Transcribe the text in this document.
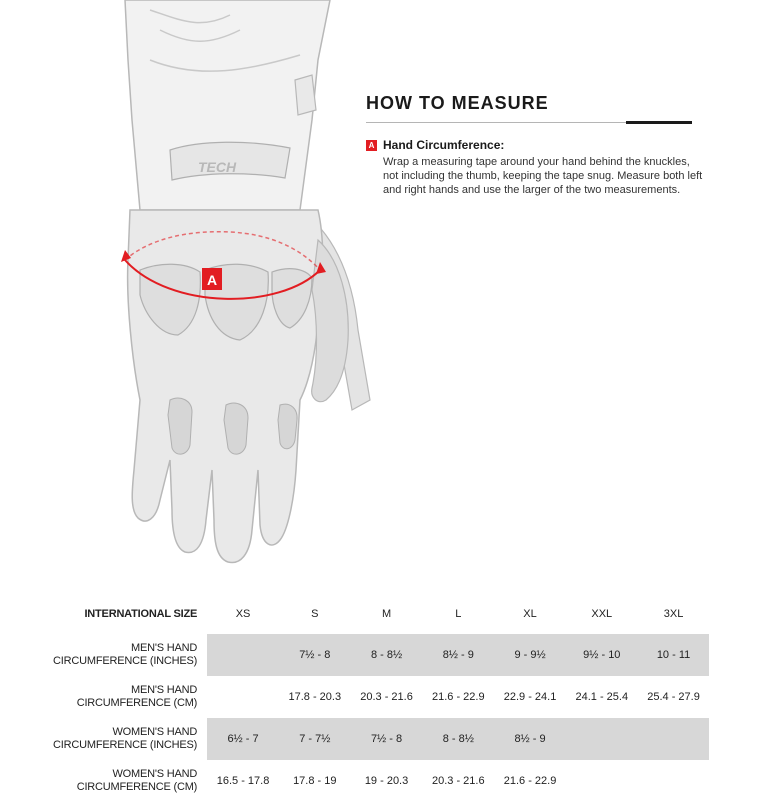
TECH
A
HOW TO MEASURE
A Hand Circumference:
Wrap a measuring tape around your hand behind the knuckles, not including the thumb, keeping the tape snug. Measure both left and right hands and use the larger of the two measurements.
INTERNATIONAL SIZE	XS	S	M	L	XL	XXL	3XL	
MEN'S HAND
CIRCUMFERENCE (INCHES)		7½ - 8	8 - 8½	8½ - 9	9 - 9½	9½ - 10	10 - 11	
MEN'S HAND
CIRCUMFERENCE (CM)		17.8 - 20.3	20.3 - 21.6	21.6 - 22.9	22.9 - 24.1	24.1 - 25.4	25.4 - 27.9	
WOMEN'S HAND
CIRCUMFERENCE (INCHES)	6½ - 7	7 - 7½	7½ - 8	8 - 8½	8½ - 9			
WOMEN'S HAND
CIRCUMFERENCE (CM)	16.5 - 17.8	17.8 - 19	19 - 20.3	20.3 - 21.6	21.6 - 22.9			
